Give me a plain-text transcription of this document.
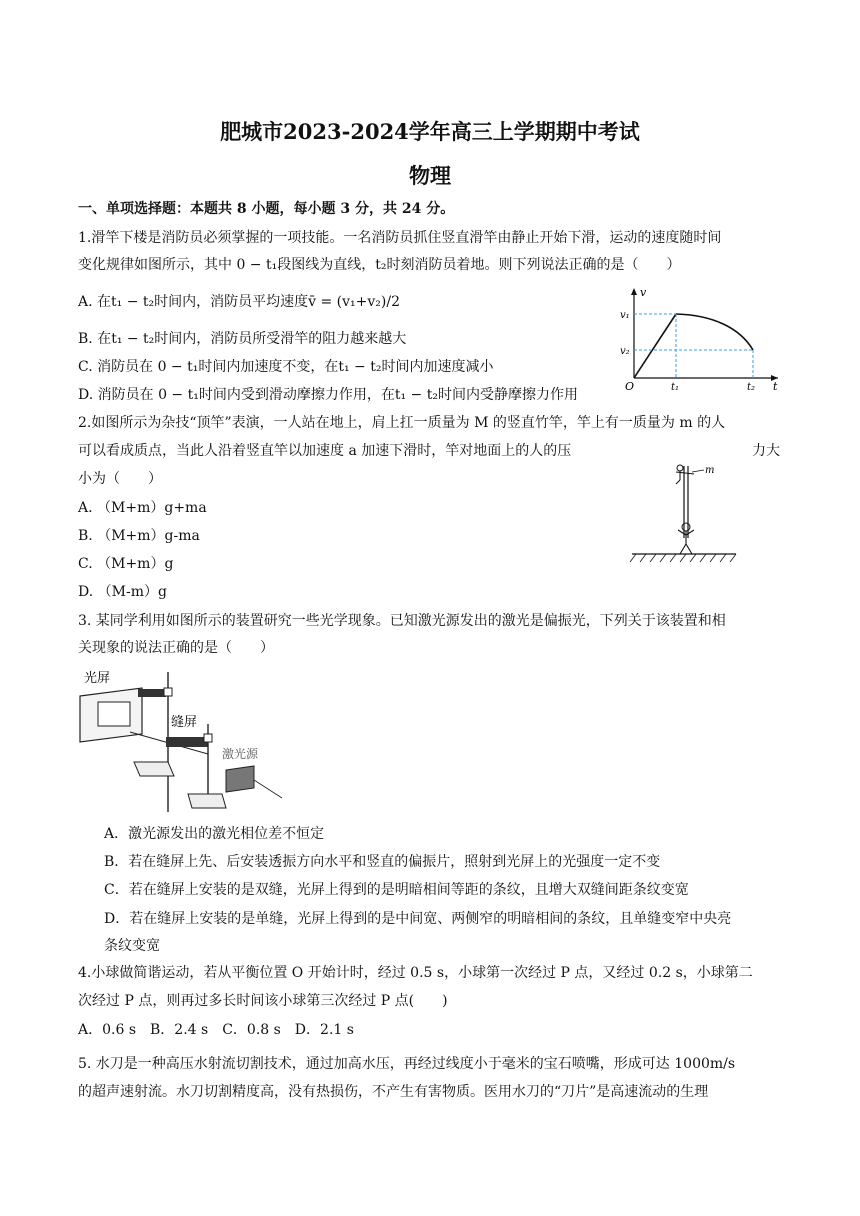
肥城市2023-2024学年高三上学期期中考试
物理
一、单项选择题：本题共 8 小题，每小题 3 分，共 24 分。
1.滑竿下楼是消防员必须掌握的一项技能。一名消防员抓住竖直滑竿由静止开始下滑，运动的速度随时间
变化规律如图所示，其中 0 − t₁段图线为直线，t₂时刻消防员着地。则下列说法正确的是（　　）
A. 在t₁ − t₂时间内，消防员平均速度v̄ = (v₁+v₂)/2
B. 在t₁ − t₂时间内，消防员所受滑竿的阻力越来越大
C. 消防员在 0 − t₁时间内加速度不变，在t₁ − t₂时间内加速度减小
D. 消防员在 0 − t₁时间内受到滑动摩擦力作用，在t₁ − t₂时间内受静摩擦力作用
v
t
O
v₁
v₂
t₁	t₂
2.如图所示为杂技“顶竿”表演，一人站在地上，肩上扛一质量为 M 的竖直竹竿，竿上有一质量为 m 的人
可以看成质点，当此人沿着竖直竿以加速度 a 加速下滑时，竿对地面上的人的压	力大
小为（　　）
A. （M+m）g+ma
B. （M+m）g-ma
C. （M+m）g
D. （M-m）g
m
3. 某同学利用如图所示的装置研究一些光学现象。已知激光源发出的激光是偏振光，下列关于该装置和相
关现象的说法正确的是（　　）
光屏
缝屏
激光源
A．激光源发出的激光相位差不恒定
B．若在缝屏上先、后安装透振方向水平和竖直的偏振片，照射到光屏上的光强度一定不变
C．若在缝屏上安装的是双缝，光屏上得到的是明暗相间等距的条纹，且增大双缝间距条纹变宽
D．若在缝屏上安装的是单缝，光屏上得到的是中间宽、两侧窄的明暗相间的条纹，且单缝变窄中央亮
条纹变宽
4.小球做简谐运动，若从平衡位置 O 开始计时，经过 0.5 s，小球第一次经过 P 点，又经过 0.2 s，小球第二
次经过 P 点，则再过多长时间该小球第三次经过 P 点(　　)
A．0.6 s　B．2.4 s　C．0.8 s　D．2.1 s
5. 水刀是一种高压水射流切割技术，通过加高水压，再经过线度小于毫米的宝石喷嘴，形成可达 1000m/s
的超声速射流。水刀切割精度高，没有热损伤，不产生有害物质。医用水刀的“刀片”是高速流动的生理
